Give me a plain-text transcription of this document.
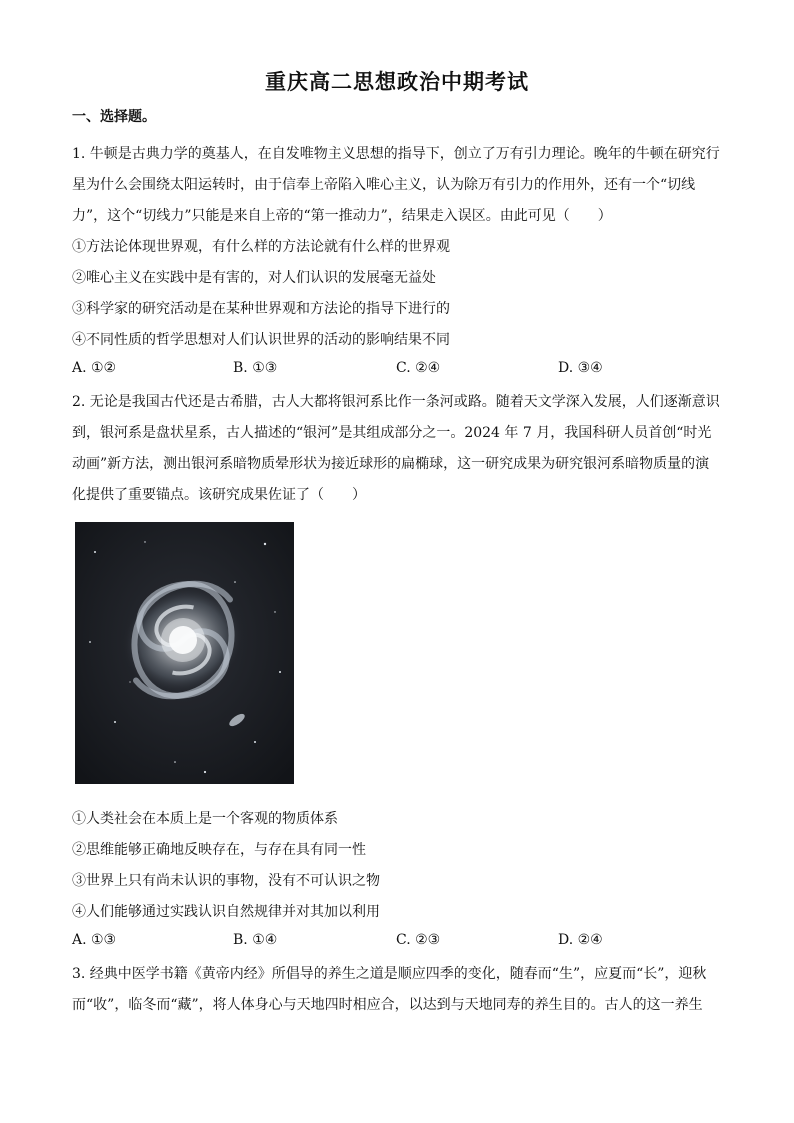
重庆高二思想政治中期考试
一、选择题。
1. 牛顿是古典力学的奠基人，在自发唯物主义思想的指导下，创立了万有引力理论。晚年的牛顿在研究行
星为什么会围绕太阳运转时，由于信奉上帝陷入唯心主义，认为除万有引力的作用外，还有一个“切线
力”，这个“切线力”只能是来自上帝的“第一推动力”，结果走入误区。由此可见（　　）
①方法论体现世界观，有什么样的方法论就有什么样的世界观
②唯心主义在实践中是有害的，对人们认识的发展毫无益处
③科学家的研究活动是在某种世界观和方法论的指导下进行的
④不同性质的哲学思想对人们认识世界的活动的影响结果不同
A. ①②	B. ①③	C. ②④	D. ③④
2. 无论是我国古代还是古希腊，古人大都将银河系比作一条河或路。随着天文学深入发展，人们逐渐意识
到，银河系是盘状星系，古人描述的“银河”是其组成部分之一。2024 年 7 月，我国科研人员首创“时光
动画”新方法，测出银河系暗物质晕形状为接近球形的扁椭球，这一研究成果为研究银河系暗物质量的演
化提供了重要锚点。该研究成果佐证了（　　）
①人类社会在本质上是一个客观的物质体系
②思维能够正确地反映存在，与存在具有同一性
③世界上只有尚未认识的事物，没有不可认识之物
④人们能够通过实践认识自然规律并对其加以利用
A. ①③	B. ①④	C. ②③	D. ②④
3. 经典中医学书籍《黄帝内经》所倡导的养生之道是顺应四季的变化，随春而“生”，应夏而“长”，迎秋
而“收”，临冬而“藏”，将人体身心与天地四时相应合，以达到与天地同寿的养生目的。古人的这一养生
